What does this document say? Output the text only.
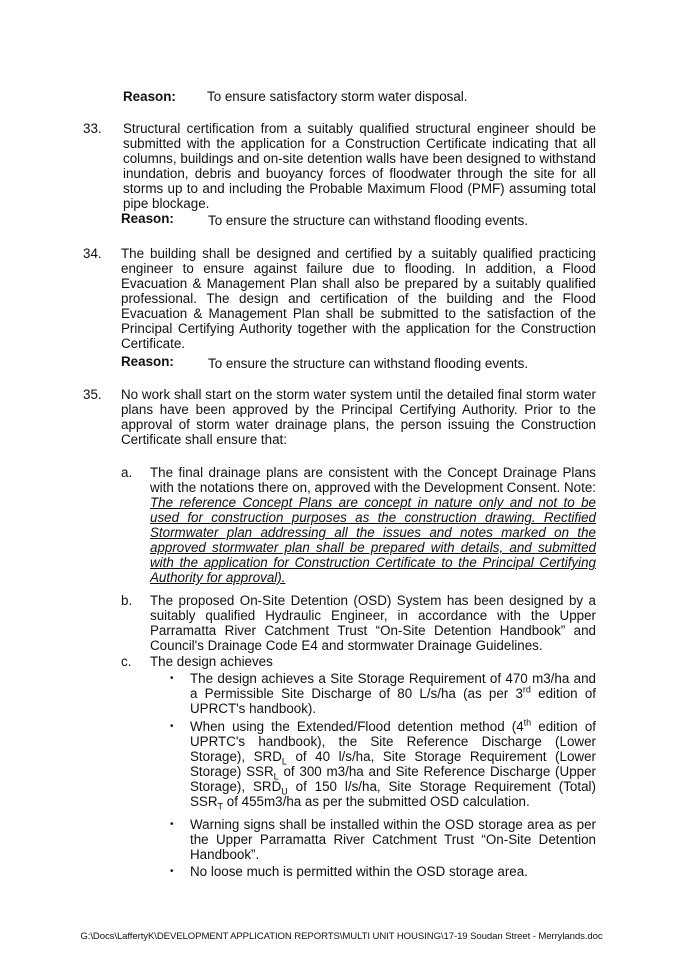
Reason: To ensure satisfactory storm water disposal.
33. Structural certification from a suitably qualified structural engineer should be submitted with the application for a Construction Certificate indicating that all columns, buildings and on-site detention walls have been designed to withstand inundation, debris and buoyancy forces of floodwater through the site for all storms up to and including the Probable Maximum Flood (PMF) assuming total pipe blockage.
Reason:	To ensure the structure can withstand flooding events.
34. The building shall be designed and certified by a suitably qualified practicing engineer to ensure against failure due to flooding. In addition, a Flood Evacuation & Management Plan shall also be prepared by a suitably qualified professional. The design and certification of the building and the Flood Evacuation & Management Plan shall be submitted to the satisfaction of the Principal Certifying Authority together with the application for the Construction Certificate.
Reason:	To ensure the structure can withstand flooding events.
35. No work shall start on the storm water system until the detailed final storm water plans have been approved by the Principal Certifying Authority. Prior to the approval of storm water drainage plans, the person issuing the Construction Certificate shall ensure that:
a. The final drainage plans are consistent with the Concept Drainage Plans with the notations there on, approved with the Development Consent. Note: The reference Concept Plans are concept in nature only and not to be used for construction purposes as the construction drawing. Rectified Stormwater plan addressing all the issues and notes marked on the approved stormwater plan shall be prepared with details, and submitted with the application for Construction Certificate to the Principal Certifying Authority for approval).
b. The proposed On-Site Detention (OSD) System has been designed by a suitably qualified Hydraulic Engineer, in accordance with the Upper Parramatta River Catchment Trust “On-Site Detention Handbook” and Council's Drainage Code E4 and stormwater Drainage Guidelines.
c. The design achieves
• The design achieves a Site Storage Requirement of 470 m3/ha and a Permissible Site Discharge of 80 L/s/ha (as per 3rd edition of UPRCT's handbook).
• When using the Extended/Flood detention method (4th edition of UPRTC's handbook), the Site Reference Discharge (Lower Storage), $SRD_L$ of 40 l/s/ha, Site Storage Requirement (Lower Storage) $SSR_L$ of 300 m3/ha and Site Reference Discharge (Upper Storage), $SRD_U$ of 150 l/s/ha, Site Storage Requirement (Total) $SSR_T$ of 455m3/ha as per the submitted OSD calculation.
• Warning signs shall be installed within the OSD storage area as per the Upper Parramatta River Catchment Trust “On-Site Detention Handbook”.
• No loose much is permitted within the OSD storage area.
G:\Docs\LaffertyK\DEVELOPMENT APPLICATION REPORTS\MULTI UNIT HOUSING\17-19 Soudan Street - Merrylands.doc
